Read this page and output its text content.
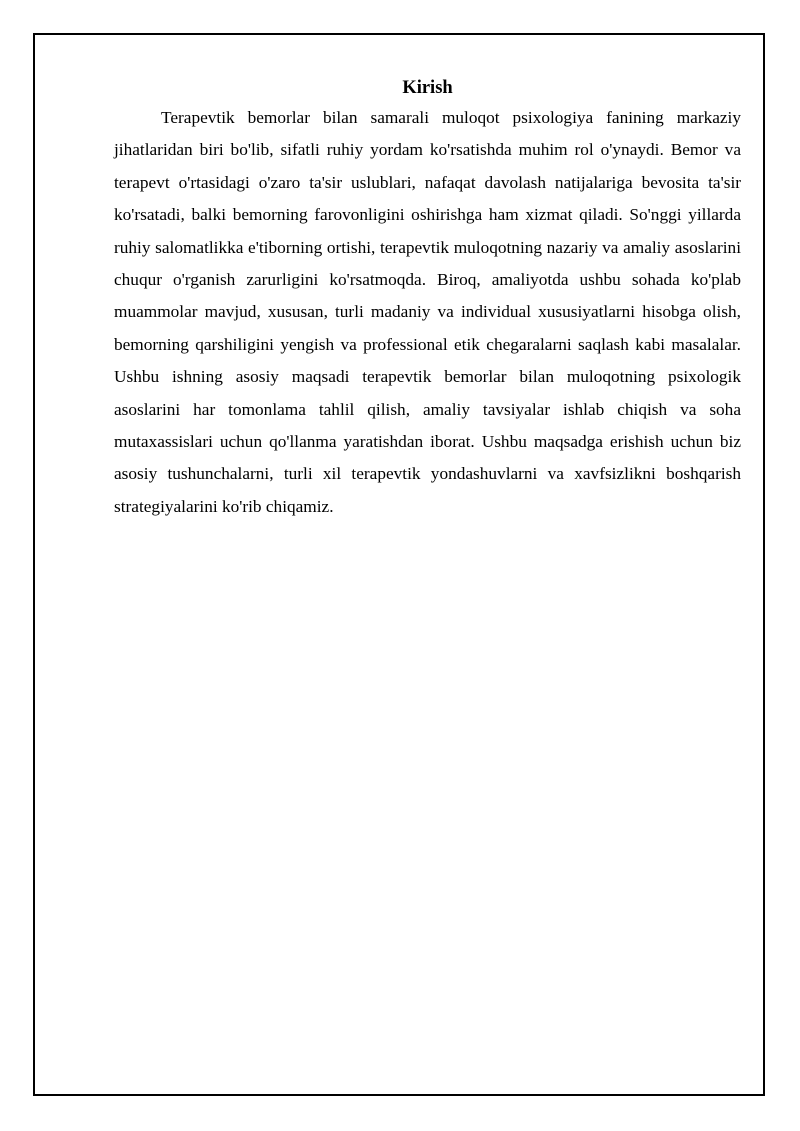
Kirish

Terapevtik bemorlar bilan samarali muloqot psixologiya fanining markaziy jihatlaridan biri bo'lib, sifatli ruhiy yordam ko'rsatishda muhim rol o'ynaydi. Bemor va terapevt o'rtasidagi o'zaro ta'sir uslublari, nafaqat davolash natijalariga bevosita ta'sir ko'rsatadi, balki bemorning farovonligini oshirishga ham xizmat qiladi. So'nggi yillarda ruhiy salomatlikka e'tiborning ortishi, terapevtik muloqotning nazariy va amaliy asoslarini chuqur o'rganish zarurligini ko'rsatmoqda. Biroq, amaliyotda ushbu sohada ko'plab muammolar mavjud, xususan, turli madaniy va individual xususiyatlarni hisobga olish, bemorning qarshiligini yengish va professional etik chegaralarni saqlash kabi masalalar. Ushbu ishning asosiy maqsadi terapevtik bemorlar bilan muloqotning psixologik asoslarini har tomonlama tahlil qilish, amaliy tavsiyalar ishlab chiqish va soha mutaxassislari uchun qo'llanma yaratishdan iborat. Ushbu maqsadga erishish uchun biz asosiy tushunchalarni, turli xil terapevtik yondashuvlarni va xavfsizlikni boshqarish strategiyalarini ko'rib chiqamiz.
